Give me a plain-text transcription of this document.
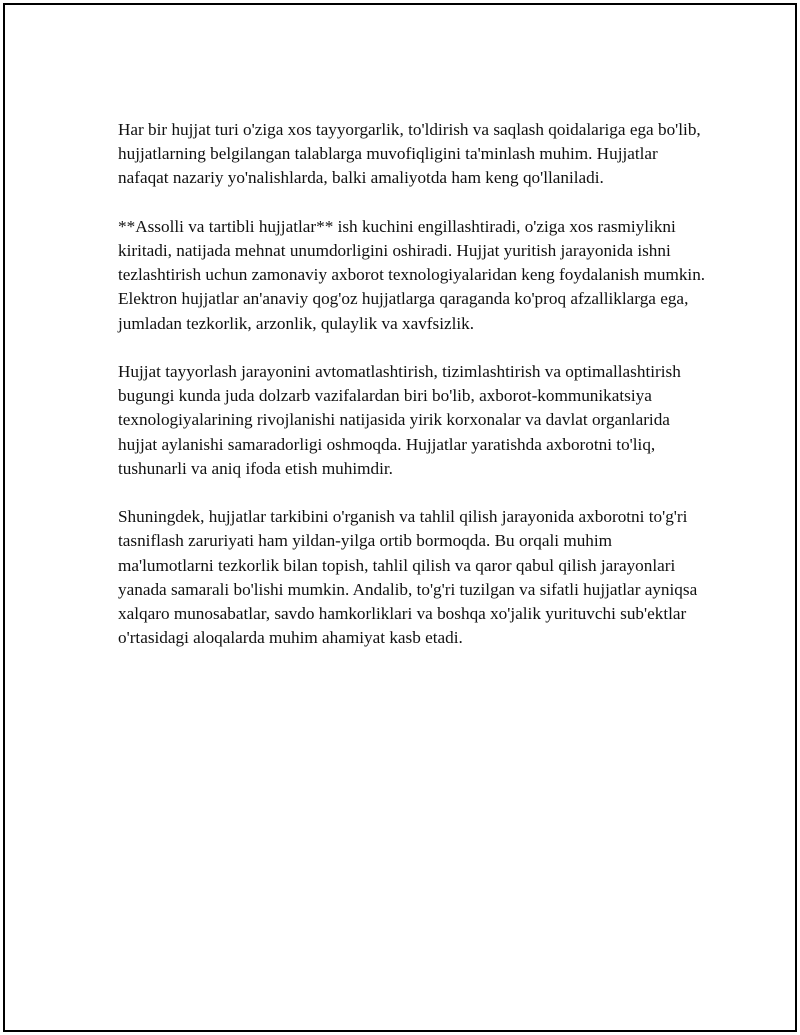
Har bir hujjat turi o'ziga xos tayyorgarlik, to'ldirish va saqlash qoidalariga ega bo'lib, hujjatlarning belgilangan talablarga muvofiqligini ta'minlash muhim. Hujjatlar nafaqat nazariy yo'nalishlarda, balki amaliyotda ham keng qo'llaniladi.

**Assolli va tartibli hujjatlar** ish kuchini engillashtiradi, o'ziga xos rasmiylikni kiritadi, natijada mehnat unumdorligini oshiradi. Hujjat yuritish jarayonida ishni tezlashtirish uchun zamonaviy axborot texnologiyalaridan keng foydalanish mumkin. Elektron hujjatlar an'anaviy qog'oz hujjatlarga qaraganda ko'proq afzalliklarga ega, jumladan tezkorlik, arzonlik, qulaylik va xavfsizlik.

Hujjat tayyorlash jarayonini avtomatlashtirish, tizimlashtirish va optimallashtirish bugungi kunda juda dolzarb vazifalardan biri bo'lib, axborot-kommunikatsiya texnologiyalarining rivojlanishi natijasida yirik korxonalar va davlat organlarida hujjat aylanishi samaradorligi oshmoqda. Hujjatlar yaratishda axborotni to'liq, tushunarli va aniq ifoda etish muhimdir.

Shuningdek, hujjatlar tarkibini o'rganish va tahlil qilish jarayonida axborotni to'g'ri tasniflash zaruriyati ham yildan-yilga ortib bormoqda. Bu orqali muhim ma'lumotlarni tezkorlik bilan topish, tahlil qilish va qaror qabul qilish jarayonlari yanada samarali bo'lishi mumkin. Andalib, to'g'ri tuzilgan va sifatli hujjatlar ayniqsa xalqaro munosabatlar, savdo hamkorliklari va boshqa xo'jalik yurituvchi sub'ektlar o'rtasidagi aloqalarda muhim ahamiyat kasb etadi.
